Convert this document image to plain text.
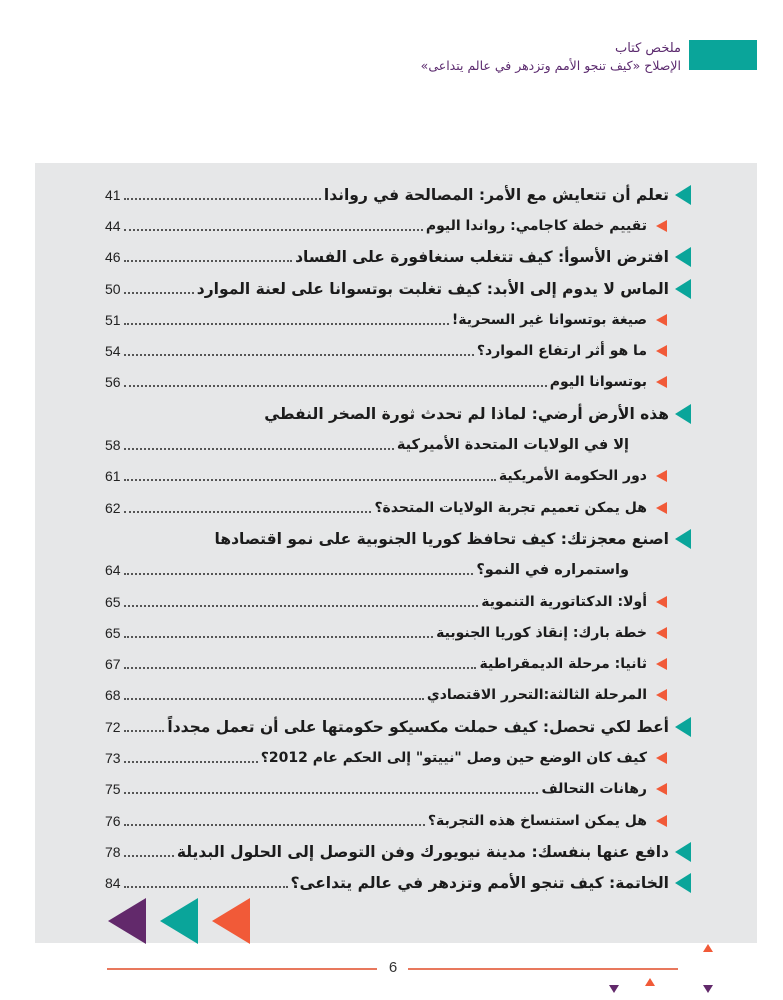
ملخص كتاب
الإصلاح «كيف تنجو الأمم وتزدهر في عالم يتداعى»
تعلم أن تتعايش مع الأمر: المصالحة في رواندا
41
تقييم خطة كاجامي: رواندا اليوم
44
افترض الأسوأ: كيف تتغلب سنغافورة على الفساد
46
الماس لا يدوم إلى الأبد: كيف تغلبت بوتسوانا على لعنة الموارد
50
صيغة بوتسوانا غير السحرية!
51
ما هو أثر ارتفاع الموارد؟
54
بوتسوانا اليوم
56
هذه الأرض أرضي: لماذا لم تحدث ثورة الصخر النفطي
إلا في الولايات المتحدة الأميركية
58
دور الحكومة الأمريكية
61
هل يمكن تعميم تجربة الولايات المتحدة؟
62
اصنع معجزتك: كيف تحافظ كوريا الجنوبية على نمو اقتصادها
واستمراره في النمو؟
64
أولا: الدكتاتورية التنموية
65
خطة بارك: إنقاذ كوريا الجنوبية
65
ثانيا: مرحلة الديمقراطية
67
المرحلة الثالثة:التحرر الاقتصادي
68
أعط لكي تحصل: كيف حملت مكسيكو حكومتها على أن تعمل مجدداً
72
كيف كان الوضع حين وصل "نييتو" إلى الحكم عام 2012؟
73
رهانات التحالف
75
هل يمكن استنساخ هذه التجربة؟
76
دافع عنها بنفسك: مدينة نيويورك وفن التوصل إلى الحلول البديلة
78
الخاتمة: كيف تنجو الأمم وتزدهر في عالم يتداعى؟
84
6
